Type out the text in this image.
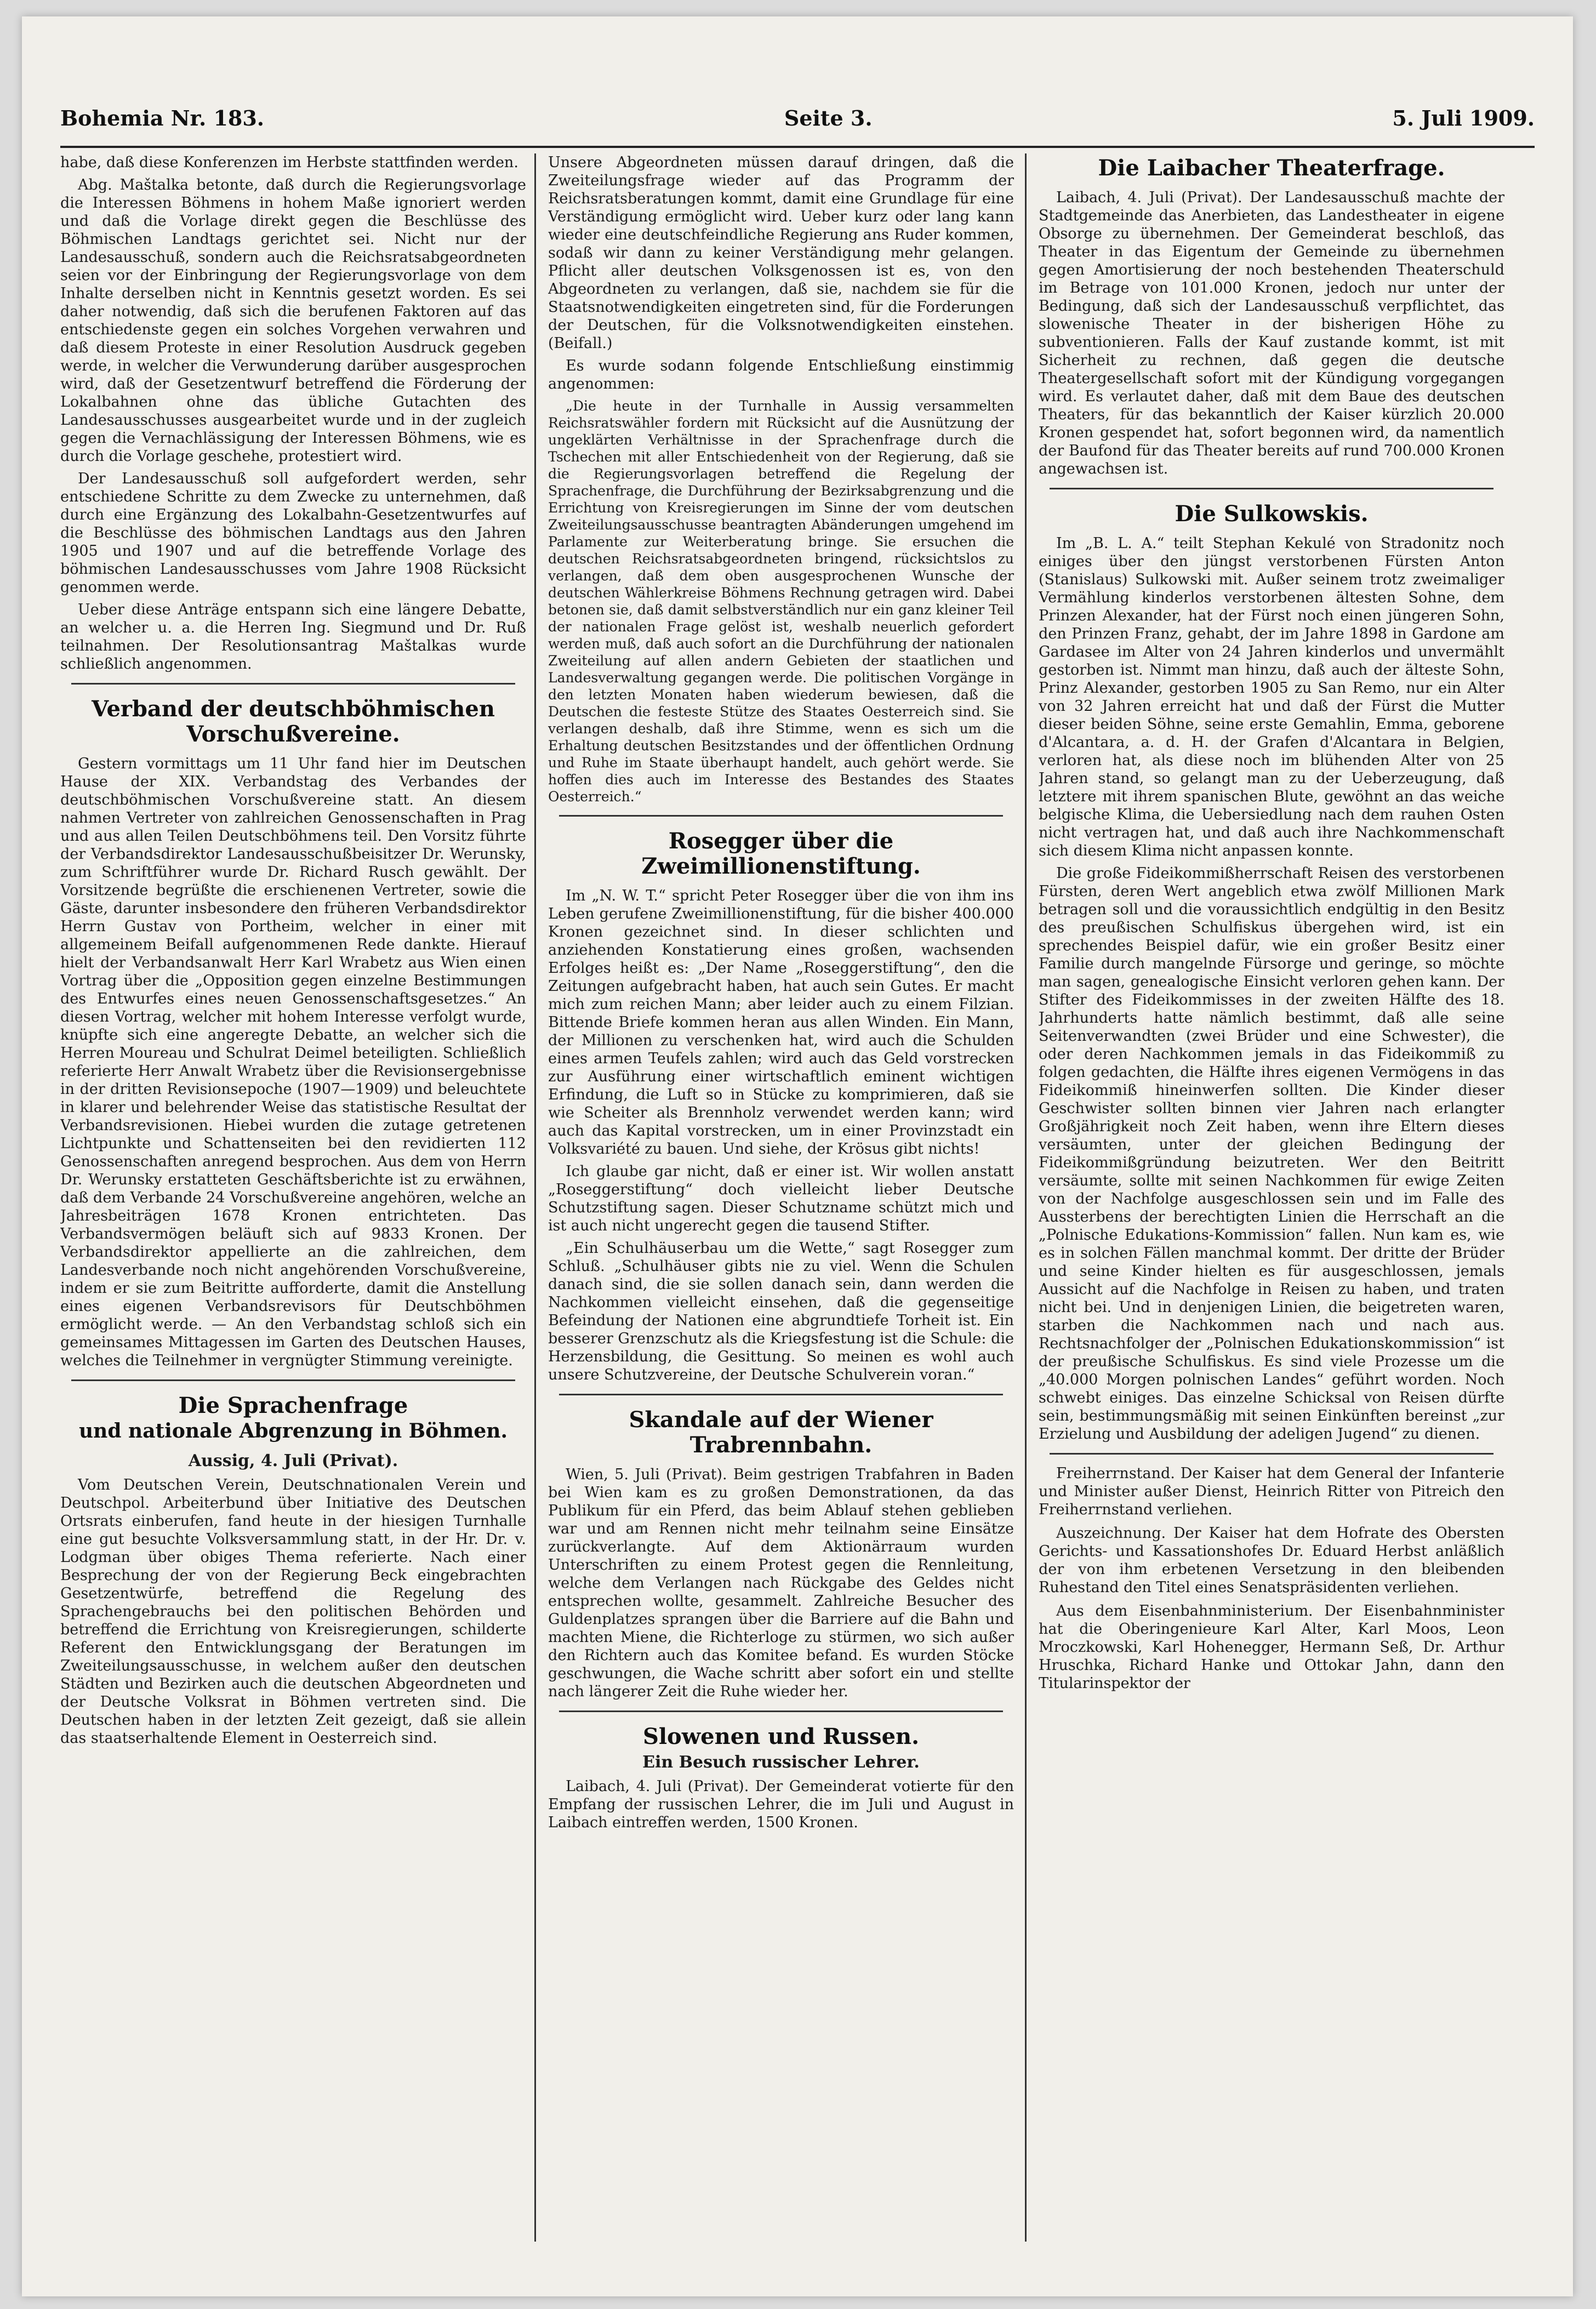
Bohemia Nr. 183.	Seite 3.	5. Juli 1909.

habe, daß diese Konferenzen im Herbste stattfinden werden.

Abg. Maštalka betonte, daß durch die Regierungsvorlage die Interessen Böhmens in hohem Maße ignoriert werden und daß die Vorlage direkt gegen die Beschlüsse des Böhmischen Landtags gerichtet sei. Nicht nur der Landesausschuß, sondern auch die Reichsratsabgeordneten seien vor der Einbringung der Regierungsvorlage von dem Inhalte derselben nicht in Kenntnis gesetzt worden. Es sei daher notwendig, daß sich die berufenen Faktoren auf das entschiedenste gegen ein solches Vorgehen verwahren und daß diesem Proteste in einer Resolution Ausdruck gegeben werde, in welcher die Verwunderung darüber ausgesprochen wird, daß der Gesetzentwurf betreffend die Förderung der Lokalbahnen ohne das übliche Gutachten des Landesausschusses ausgearbeitet wurde und in der zugleich gegen die Vernachlässigung der Interessen Böhmens, wie es durch die Vorlage geschehe, protestiert wird.

Der Landesausschuß soll aufgefordert werden, sehr entschiedene Schritte zu dem Zwecke zu unternehmen, daß durch eine Ergänzung des Lokalbahn-Gesetzentwurfes auf die Beschlüsse des böhmischen Landtags aus den Jahren 1905 und 1907 und auf die betreffende Vorlage des böhmischen Landesausschusses vom Jahre 1908 Rücksicht genommen werde.

Ueber diese Anträge entspann sich eine längere Debatte, an welcher u. a. die Herren Ing. Siegmund und Dr. Ruß teilnahmen. Der Resolutionsantrag Maštalkas wurde schließlich angenommen.

Verband der deutschböhmischen Vorschußvereine.

Gestern vormittags um 11 Uhr fand hier im Deutschen Hause der XIX. Verbandstag des Verbandes der deutschböhmischen Vorschußvereine statt. An diesem nahmen Vertreter von zahlreichen Genossenschaften in Prag und aus allen Teilen Deutschböhmens teil. Den Vorsitz führte der Verbandsdirektor Landesausschußbeisitzer Dr. Werunsky, zum Schriftführer wurde Dr. Richard Rusch gewählt. Der Vorsitzende begrüßte die erschienenen Vertreter, sowie die Gäste, darunter insbesondere den früheren Verbandsdirektor Herrn Gustav von Portheim, welcher in einer mit allgemeinem Beifall aufgenommenen Rede dankte. Hierauf hielt der Verbandsanwalt Herr Karl Wrabetz aus Wien einen Vortrag über die „Opposition gegen einzelne Bestimmungen des Entwurfes eines neuen Genossenschaftsgesetzes.“ An diesen Vortrag, welcher mit hohem Interesse verfolgt wurde, knüpfte sich eine angeregte Debatte, an welcher sich die Herren Moureau und Schulrat Deimel beteiligten. Schließlich referierte Herr Anwalt Wrabetz über die Revisionsergebnisse in der dritten Revisionsepoche (1907—1909) und beleuchtete in klarer und belehrender Weise das statistische Resultat der Verbandsrevisionen. Hiebei wurden die zutage getretenen Lichtpunkte und Schattenseiten bei den revidierten 112 Genossenschaften anregend besprochen. Aus dem von Herrn Dr. Werunsky erstatteten Geschäftsberichte ist zu erwähnen, daß dem Verbande 24 Vorschußvereine angehören, welche an Jahresbeiträgen 1678 Kronen entrichteten. Das Verbandsvermögen beläuft sich auf 9833 Kronen. Der Verbandsdirektor appellierte an die zahlreichen, dem Landesverbande noch nicht angehörenden Vorschußvereine, indem er sie zum Beitritte aufforderte, damit die Anstellung eines eigenen Verbandsrevisors für Deutschböhmen ermöglicht werde. — An den Verbandstag schloß sich ein gemeinsames Mittagessen im Garten des Deutschen Hauses, welches die Teilnehmer in vergnügter Stimmung vereinigte.

Die Sprachenfrage
und nationale Abgrenzung in Böhmen.
Aussig, 4. Juli (Privat).

Vom Deutschen Verein, Deutschnationalen Verein und Deutschpol. Arbeiterbund über Initiative des Deutschen Ortsrats einberufen, fand heute in der hiesigen Turnhalle eine gut besuchte Volksversammlung statt, in der Hr. Dr. v. Lodgman über obiges Thema referierte. Nach einer Besprechung der von der Regierung Beck eingebrachten Gesetzentwürfe, betreffend die Regelung des Sprachengebrauchs bei den politischen Behörden und betreffend die Errichtung von Kreisregierungen, schilderte Referent den Entwicklungsgang der Beratungen im Zweiteilungsausschusse, in welchem außer den deutschen Städten und Bezirken auch die deutschen Abgeordneten und der Deutsche Volksrat in Böhmen vertreten sind. Die Deutschen haben in der letzten Zeit gezeigt, daß sie allein das staatserhaltende Element in Oesterreich sind.

Unsere Abgeordneten müssen darauf dringen, daß die Zweiteilungsfrage wieder auf das Programm der Reichsratsberatungen kommt, damit eine Grundlage für eine Verständigung ermöglicht wird. Ueber kurz oder lang kann wieder eine deutschfeindliche Regierung ans Ruder kommen, sodaß wir dann zu keiner Verständigung mehr gelangen. Pflicht aller deutschen Volksgenossen ist es, von den Abgeordneten zu verlangen, daß sie, nachdem sie für die Staatsnotwendigkeiten eingetreten sind, für die Forderungen der Deutschen, für die Volksnotwendigkeiten einstehen. (Beifall.)

Es wurde sodann folgende Entschließung einstimmig angenommen:

„Die heute in der Turnhalle in Aussig versammelten Reichsratswähler fordern mit Rücksicht auf die Ausnützung der ungeklärten Verhältnisse in der Sprachenfrage durch die Tschechen mit aller Entschiedenheit von der Regierung, daß sie die Regierungsvorlagen betreffend die Regelung der Sprachenfrage, die Durchführung der Bezirksabgrenzung und die Errichtung von Kreisregierungen im Sinne der vom deutschen Zweiteilungsausschusse beantragten Abänderungen umgehend im Parlamente zur Weiterberatung bringe. Sie ersuchen die deutschen Reichsratsabgeordneten bringend, rücksichtslos zu verlangen, daß dem oben ausgesprochenen Wunsche der deutschen Wählerkreise Böhmens Rechnung getragen wird. Dabei betonen sie, daß damit selbstverständlich nur ein ganz kleiner Teil der nationalen Frage gelöst ist, weshalb neuerlich gefordert werden muß, daß auch sofort an die Durchführung der nationalen Zweiteilung auf allen andern Gebieten der staatlichen und Landesverwaltung gegangen werde. Die politischen Vorgänge in den letzten Monaten haben wiederum bewiesen, daß die Deutschen die festeste Stütze des Staates Oesterreich sind. Sie verlangen deshalb, daß ihre Stimme, wenn es sich um die Erhaltung deutschen Besitzstandes und der öffentlichen Ordnung und Ruhe im Staate überhaupt handelt, auch gehört werde. Sie hoffen dies auch im Interesse des Bestandes des Staates Oesterreich.“

Rosegger über die Zweimillionenstiftung.

Im „N. W. T.“ spricht Peter Rosegger über die von ihm ins Leben gerufene Zweimillionenstiftung, für die bisher 400.000 Kronen gezeichnet sind. In dieser schlichten und anziehenden Konstatierung eines großen, wachsenden Erfolges heißt es: „Der Name „Roseggerstiftung“, den die Zeitungen aufgebracht haben, hat auch sein Gutes. Er macht mich zum reichen Mann; aber leider auch zu einem Filzian. Bittende Briefe kommen heran aus allen Winden. Ein Mann, der Millionen zu verschenken hat, wird auch die Schulden eines armen Teufels zahlen; wird auch das Geld vorstrecken zur Ausführung einer wirtschaftlich eminent wichtigen Erfindung, die Luft so in Stücke zu komprimieren, daß sie wie Scheiter als Brennholz verwendet werden kann; wird auch das Kapital vorstrecken, um in einer Provinzstadt ein Volksvariété zu bauen. Und siehe, der Krösus gibt nichts!

Ich glaube gar nicht, daß er einer ist. Wir wollen anstatt „Roseggerstiftung“ doch vielleicht lieber Deutsche Schutzstiftung sagen. Dieser Schutzname schützt mich und ist auch nicht ungerecht gegen die tausend Stifter.

„Ein Schulhäuserbau um die Wette,“ sagt Rosegger zum Schluß. „Schulhäuser gibts nie zu viel. Wenn die Schulen danach sind, die sie sollen danach sein, dann werden die Nachkommen vielleicht einsehen, daß die gegenseitige Befeindung der Nationen eine abgrundtiefe Torheit ist. Ein besserer Grenzschutz als die Kriegsfestung ist die Schule: die Herzensbildung, die Gesittung. So meinen es wohl auch unsere Schutzvereine, der Deutsche Schulverein voran.“

Skandale auf der Wiener Trabrennbahn.

Wien, 5. Juli (Privat). Beim gestrigen Trabfahren in Baden bei Wien kam es zu großen Demonstrationen, da das Publikum für ein Pferd, das beim Ablauf stehen geblieben war und am Rennen nicht mehr teilnahm seine Einsätze zurückverlangte. Auf dem Aktionärraum wurden Unterschriften zu einem Protest gegen die Rennleitung, welche dem Verlangen nach Rückgabe des Geldes nicht entsprechen wollte, gesammelt. Zahlreiche Besucher des Guldenplatzes sprangen über die Barriere auf die Bahn und machten Miene, die Richterloge zu stürmen, wo sich außer den Richtern auch das Komitee befand. Es wurden Stöcke geschwungen, die Wache schritt aber sofort ein und stellte nach längerer Zeit die Ruhe wieder her.

Slowenen und Russen.
Ein Besuch russischer Lehrer.

Laibach, 4. Juli (Privat). Der Gemeinderat votierte für den Empfang der russischen Lehrer, die im Juli und August in Laibach eintreffen werden, 1500 Kronen.

Die Laibacher Theaterfrage.

Laibach, 4. Juli (Privat). Der Landesausschuß machte der Stadtgemeinde das Anerbieten, das Landestheater in eigene Obsorge zu übernehmen. Der Gemeinderat beschloß, das Theater in das Eigentum der Gemeinde zu übernehmen gegen Amortisierung der noch bestehenden Theaterschuld im Betrage von 101.000 Kronen, jedoch nur unter der Bedingung, daß sich der Landesausschuß verpflichtet, das slowenische Theater in der bisherigen Höhe zu subventionieren. Falls der Kauf zustande kommt, ist mit Sicherheit zu rechnen, daß gegen die deutsche Theatergesellschaft sofort mit der Kündigung vorgegangen wird. Es verlautet daher, daß mit dem Baue des deutschen Theaters, für das bekanntlich der Kaiser kürzlich 20.000 Kronen gespendet hat, sofort begonnen wird, da namentlich der Baufond für das Theater bereits auf rund 700.000 Kronen angewachsen ist.

Die Sulkowskis.

Im „B. L. A.“ teilt Stephan Kekulé von Stradonitz noch einiges über den jüngst verstorbenen Fürsten Anton (Stanislaus) Sulkowski mit. Außer seinem trotz zweimaliger Vermählung kinderlos verstorbenen ältesten Sohne, dem Prinzen Alexander, hat der Fürst noch einen jüngeren Sohn, den Prinzen Franz, gehabt, der im Jahre 1898 in Gardone am Gardasee im Alter von 24 Jahren kinderlos und unvermählt gestorben ist. Nimmt man hinzu, daß auch der älteste Sohn, Prinz Alexander, gestorben 1905 zu San Remo, nur ein Alter von 32 Jahren erreicht hat und daß der Fürst die Mutter dieser beiden Söhne, seine erste Gemahlin, Emma, geborene d'Alcantara, a. d. H. der Grafen d'Alcantara in Belgien, verloren hat, als diese noch im blühenden Alter von 25 Jahren stand, so gelangt man zu der Ueberzeugung, daß letztere mit ihrem spanischen Blute, gewöhnt an das weiche belgische Klima, die Uebersiedlung nach dem rauhen Osten nicht vertragen hat, und daß auch ihre Nachkommenschaft sich diesem Klima nicht anpassen konnte.

Die große Fideikommißherrschaft Reisen des verstorbenen Fürsten, deren Wert angeblich etwa zwölf Millionen Mark betragen soll und die voraussichtlich endgültig in den Besitz des preußischen Schulfiskus übergehen wird, ist ein sprechendes Beispiel dafür, wie ein großer Besitz einer Familie durch mangelnde Fürsorge und geringe, so möchte man sagen, genealogische Einsicht verloren gehen kann. Der Stifter des Fideikommisses in der zweiten Hälfte des 18. Jahrhunderts hatte nämlich bestimmt, daß alle seine Seitenverwandten (zwei Brüder und eine Schwester), die oder deren Nachkommen jemals in das Fideikommiß zu folgen gedachten, die Hälfte ihres eigenen Vermögens in das Fideikommiß hineinwerfen sollten. Die Kinder dieser Geschwister sollten binnen vier Jahren nach erlangter Großjährigkeit noch Zeit haben, wenn ihre Eltern dieses versäumten, unter der gleichen Bedingung der Fideikommißgründung beizutreten. Wer den Beitritt versäumte, sollte mit seinen Nachkommen für ewige Zeiten von der Nachfolge ausgeschlossen sein und im Falle des Aussterbens der berechtigten Linien die Herrschaft an die „Polnische Edukations-Kommission“ fallen. Nun kam es, wie es in solchen Fällen manchmal kommt. Der dritte der Brüder und seine Kinder hielten es für ausgeschlossen, jemals Aussicht auf die Nachfolge in Reisen zu haben, und traten nicht bei. Und in denjenigen Linien, die beigetreten waren, starben die Nachkommen nach und nach aus. Rechtsnachfolger der „Polnischen Edukationskommission“ ist der preußische Schulfiskus. Es sind viele Prozesse um die „40.000 Morgen polnischen Landes“ geführt worden. Noch schwebt einiges. Das einzelne Schicksal von Reisen dürfte sein, bestimmungsmäßig mit seinen Einkünften bereinst „zur Erzielung und Ausbildung der adeligen Jugend“ zu dienen.

Freiherrnstand. Der Kaiser hat dem General der Infanterie und Minister außer Dienst, Heinrich Ritter von Pitreich den Freiherrnstand verliehen.

Auszeichnung. Der Kaiser hat dem Hofrate des Obersten Gerichts- und Kassationshofes Dr. Eduard Herbst anläßlich der von ihm erbetenen Versetzung in den bleibenden Ruhestand den Titel eines Senatspräsidenten verliehen.

Aus dem Eisenbahnministerium. Der Eisenbahnminister hat die Oberingenieure Karl Alter, Karl Moos, Leon Mroczkowski, Karl Hohenegger, Hermann Seß, Dr. Arthur Hruschka, Richard Hanke und Ottokar Jahn, dann den Titularinspektor der
